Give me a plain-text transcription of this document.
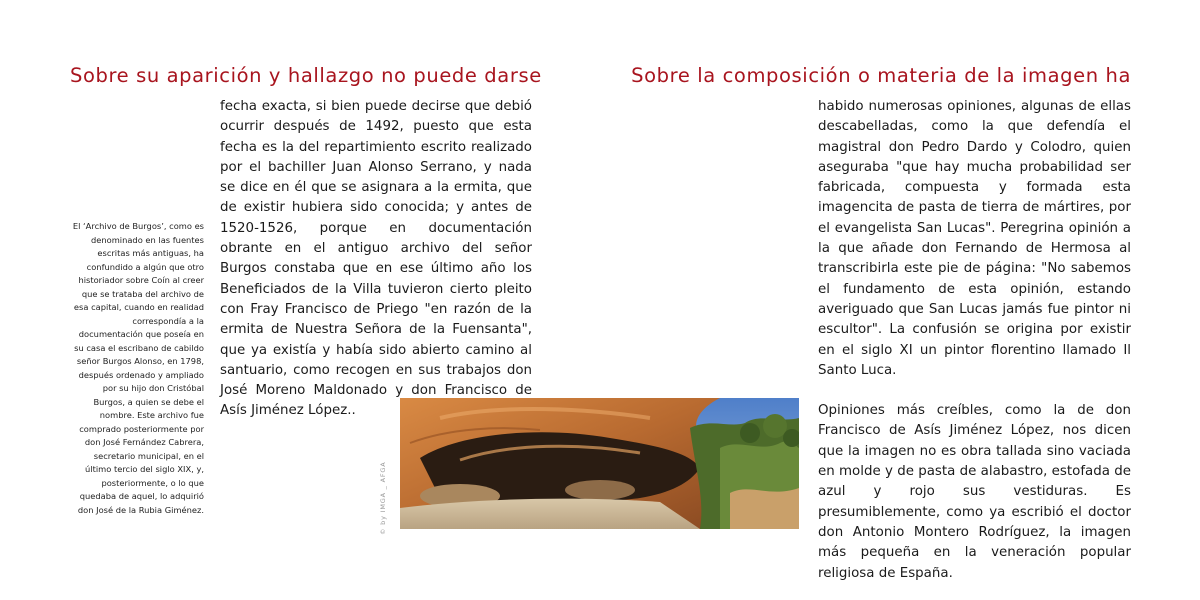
Sobre su aparición y hallazgo no puede darse

fecha exacta, si bien puede decirse que debió ocurrir después de 1492, puesto que esta fecha es la del repartimiento escrito realizado por el bachiller Juan Alonso Serrano, y nada se dice en él que se asignara a la ermita, que de existir hubiera sido conocida; y antes de 1520-1526, porque en documentación obrante en el antiguo archivo del señor Burgos constaba que en ese último año los Beneficiados de la Villa tuvieron cierto pleito con Fray Francisco de Priego "en razón de la ermita de Nuestra Señora de la Fuensanta", que ya existía y había sido abierto camino al santuario, como recogen en sus trabajos don José Moreno Maldonado y don Francisco de Asís Jiménez López..

El ‘Archivo de Burgos’, como es denominado en las fuentes escritas más antiguas, ha confundido a algún que otro historiador sobre Coín al creer que se trataba del archivo de esa capital, cuando en realidad correspondía a la documentación que poseía en su casa el escribano de cabildo señor Burgos Alonso, en 1798, después ordenado y ampliado por su hijo don Cristóbal Burgos, a quien se debe el nombre. Este archivo fue comprado posteriormente por don José Fernández Cabrera, secretario municipal, en el último tercio del siglo XIX, y, posteriormente, o lo que quedaba de aquel, lo adquirió don José de la Rubia Giménez.	© by IMGA _ AFGA
Sobre la composición o materia de la imagen ha

habido numerosas opiniones, algunas de ellas descabelladas, como la que defendía el magistral don Pedro Dardo y Colodro, quien aseguraba "que hay mucha probabilidad ser fabricada, compuesta y formada esta imagencita de pasta de tierra de mártires, por el evangelista San Lucas". Peregrina opinión a la que añade don Fernando de Hermosa al transcribirla este pie de página: "No sabemos el fundamento de esta opinión, estando averiguado que San Lucas jamás fue pintor ni escultor". La confusión se origina por existir en el siglo XI un pintor florentino llamado Il Santo Luca.

Opiniones más creíbles, como la de don Francisco de Asís Jiménez López, nos dicen que la imagen no es obra tallada sino vaciada en molde y de pasta de alabastro, estofada de azul y rojo sus vestiduras. Es presumiblemente, como ya escribió el doctor don Antonio Montero Rodríguez, la imagen más pequeña en la veneración popular religiosa de España.
